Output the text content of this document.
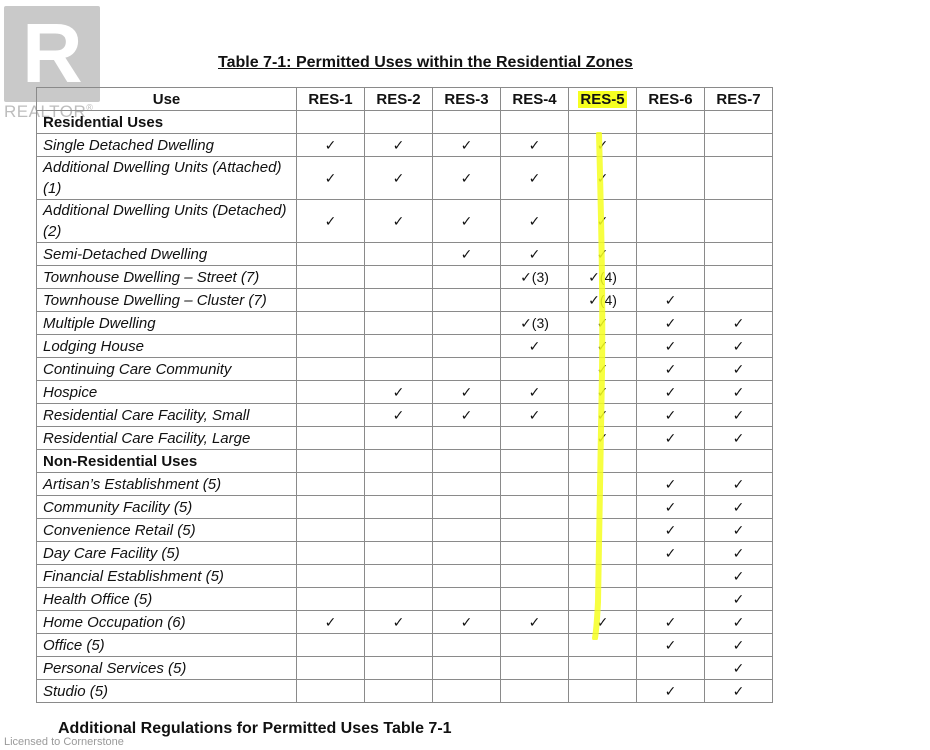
R
REALTOR®
Table 7-1: Permitted Uses within the Residential Zones
Use	RES-1	RES-2	RES-3	RES-4	RES-5	RES-6	RES-7
Residential Uses							
Single Detached Dwelling	✓	✓	✓	✓	✓		
Additional Dwelling Units (Attached)(1)	✓	✓	✓	✓	✓		
Additional Dwelling Units (Detached)(2)	✓	✓	✓	✓	✓		
Semi-Detached Dwelling			✓	✓	✓		
Townhouse Dwelling – Street (7)				✓(3)	✓(4)		
Townhouse Dwelling – Cluster (7)					✓(4)	✓	
Multiple Dwelling				✓(3)	✓	✓	✓
Lodging House				✓	✓	✓	✓
Continuing Care Community					✓	✓	✓
Hospice		✓	✓	✓	✓	✓	✓
Residential Care Facility, Small		✓	✓	✓	✓	✓	✓
Residential Care Facility, Large					✓	✓	✓
Non-Residential Uses							
Artisan’s Establishment (5)						✓	✓
Community Facility (5)						✓	✓
Convenience Retail (5)						✓	✓
Day Care Facility (5)						✓	✓
Financial Establishment (5)							✓
Health Office (5)							✓
Home Occupation (6)	✓	✓	✓	✓	✓	✓	✓
Office (5)						✓	✓
Personal Services (5)							✓
Studio (5)						✓	✓
Additional Regulations for Permitted Uses Table 7-1
Licensed to Cornerstone
